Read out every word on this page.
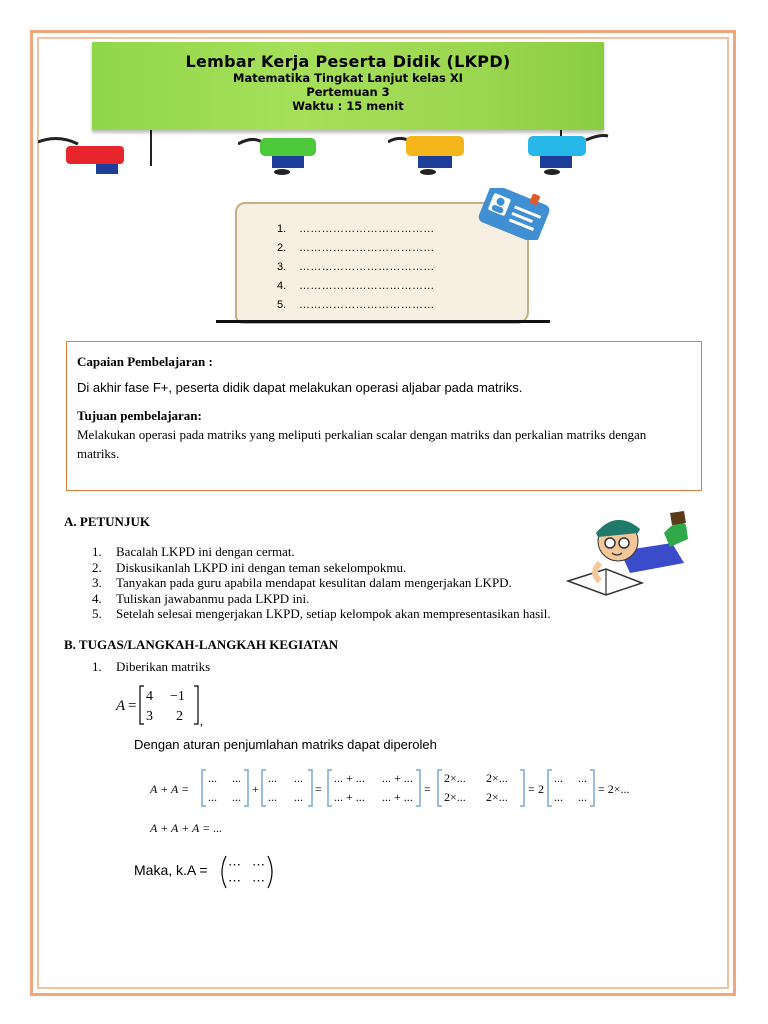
Lembar Kerja Peserta Didik (LKPD)
Matematika Tingkat Lanjut kelas XI
Pertemuan 3
Waktu : 15 menit
1. ………………………………
2. ………………………………
3. ………………………………
4. ………………………………
5. ………………………………
Capaian Pembelajaran :
Di akhir fase F+, peserta didik dapat melakukan operasi aljabar pada matriks.
Tujuan pembelajaran:
Melakukan operasi pada matriks yang meliputi perkalian scalar dengan matriks dan perkalian matriks dengan matriks.
A. PETUNJUK
1. Bacalah LKPD ini dengan cermat.
2. Diskusikanlah LKPD ini dengan teman sekelompokmu.
3. Tanyakan pada guru apabila mendapat kesulitan dalam mengerjakan LKPD.
4. Tuliskan jawabanmu pada LKPD ini.
5. Setelah selesai mengerjakan LKPD, setiap kelompok akan mempresentasikan hasil.
B. TUGAS/LANGKAH-LANGKAH KEGIATAN
1. Diberikan matriks
A =
4 −1
3 2 ,
Dengan aturan penjumlahan matriks dapat diperoleh
A + A =
... ...
... ...
+
... ...
... ...
=
... + ... ... + ...
... + ... ... + ...
=
2×... 2×...
2×... 2×...
= 2
... ...
... ...
= 2×...
A + A + A = ...
Maka, k.A = ⋯ ⋯
⋯ ⋯
